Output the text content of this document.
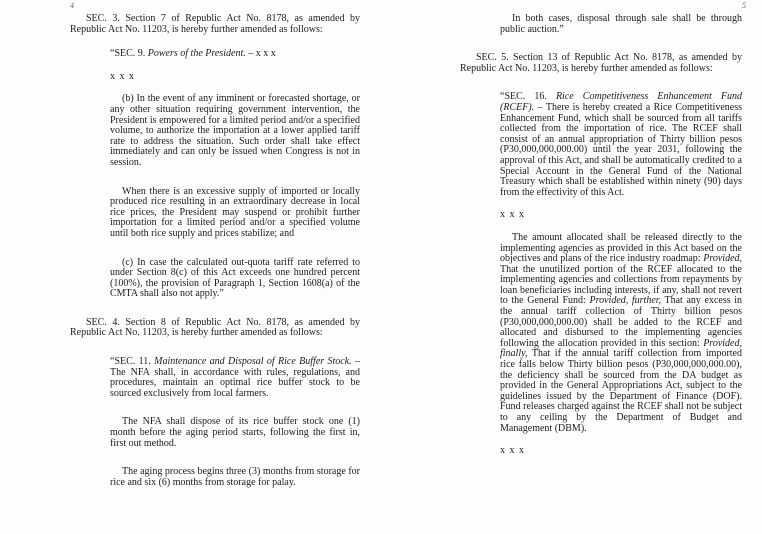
4	5

SEC. 3. Section 7 of Republic Act No. 8178, as amended by Republic Act No. 11203, is hereby further amended as follows:

“SEC. 9. Powers of the President. – x x x

x x x

(b) In the event of any imminent or forecasted shortage, or any other situation requiring government intervention, the President is empowered for a limited period and/or a specified volume, to authorize the importation at a lower applied tariff rate to address the situation. Such order shall take effect immediately and can only be issued when Congress is not in session.

When there is an excessive supply of imported or locally produced rice resulting in an extraordinary decrease in local rice prices, the President may suspend or prohibit further importation for a limited period and/or a specified volume until both rice supply and prices stabilize; and

(c) In case the calculated out-quota tariff rate referred to under Section 8(c) of this Act exceeds one hundred percent (100%), the provision of Paragraph 1, Section 1608(a) of the CMTA shall also not apply.”

SEC. 4. Section 8 of Republic Act No. 8178, as amended by Republic Act No. 11203, is hereby further amended as follows:

“SEC. 11. Maintenance and Disposal of Rice Buffer Stock. – The NFA shall, in accordance with rules, regulations, and procedures, maintain an optimal rice buffer stock to be sourced exclusively from local farmers.

The NFA shall dispose of its rice buffer stock one (1) month before the aging period starts, following the first in, first out method.

The aging process begins three (3) months from storage for rice and six (6) months from storage for palay.

In both cases, disposal through sale shall be through public auction.”

SEC. 5. Section 13 of Republic Act No. 8178, as amended by Republic Act No. 11203, is hereby further amended as follows:

“SEC. 16. Rice Competitiveness Enhancement Fund (RCEF). – There is hereby created a Rice Competitiveness Enhancement Fund, which shall be sourced from all tariffs collected from the importation of rice. The RCEF shall consist of an annual appropriation of Thirty billion pesos (P30,000,000,000.00) until the year 2031, following the approval of this Act, and shall be automatically credited to a Special Account in the General Fund of the National Treasury which shall be established within ninety (90) days from the effectivity of this Act.

x x x

The amount allocated shall be released directly to the implementing agencies as provided in this Act based on the objectives and plans of the rice industry roadmap: Provided, That the unutilized portion of the RCEF allocated to the implementing agencies and collections from repayments by loan beneficiaries including interests, if any, shall not revert to the General Fund: Provided, further, That any excess in the annual tariff collection of Thirty billion pesos (P30,000,000,000.00) shall be added to the RCEF and allocated and disbursed to the implementing agencies following the allocation provided in this section: Provided, finally, That if the annual tariff collection from imported rice falls below Thirty billion pesos (P30,000,000,000.00), the deficiency shall be sourced from the DA budget as provided in the General Appropriations Act, subject to the guidelines issued by the Department of Finance (DOF). Fund releases charged against the RCEF shall not be subject to any ceiling by the Department of Budget and Management (DBM).

x x x
